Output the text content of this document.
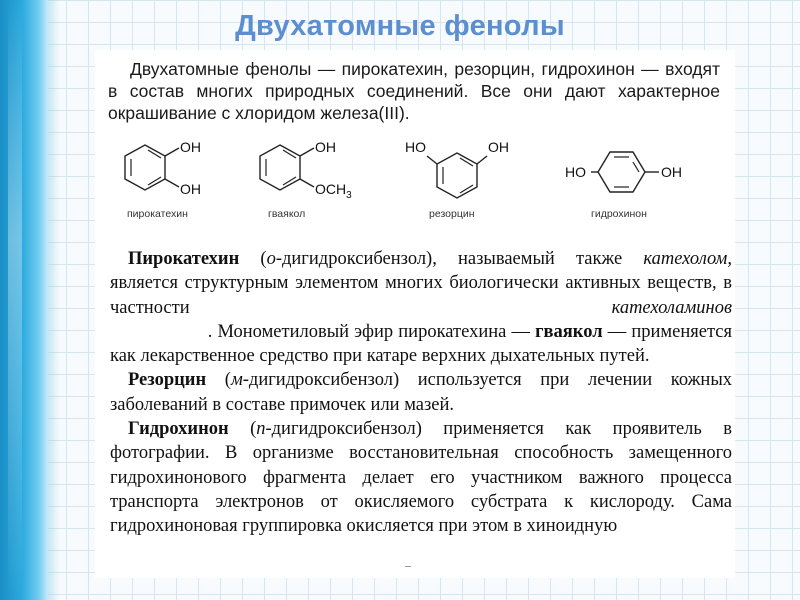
Двухатомные фенолы
Двухатомные фенолы — пирокатехин, резорцин, гидрохинон — входят в состав многих природных соединений. Все они дают характерное окрашивание с хлоридом железа(III).
OH
OH
пирокатехин
OH
$OCH_3$
гваякол
HO	OH
резорцин
HO	OH
гидрохинон

Пирокатехин (о-дигидроксибензол), называемый также катехолом, является структурным элементом многих биологически активных веществ, в частности катехоламинов                   . Монометиловый эфир пирокатехина — гваякол — применяется как лекарственное средство при катаре верхних дыхательных путей.

Резорцин (м-дигидроксибензол) используется при лечении кожных заболеваний в составе примочек или мазей.

Гидрохинон (п-дигидроксибензол) применяется как проявитель в фотографии. В организме восстановительная способность замещенного гидрохинонового фрагмента делает его участником важного процесса транспорта электронов от окисляемого субстрата к кислороду. Сама гидрохиноновая группировка окисляется при этом в хиноидную
